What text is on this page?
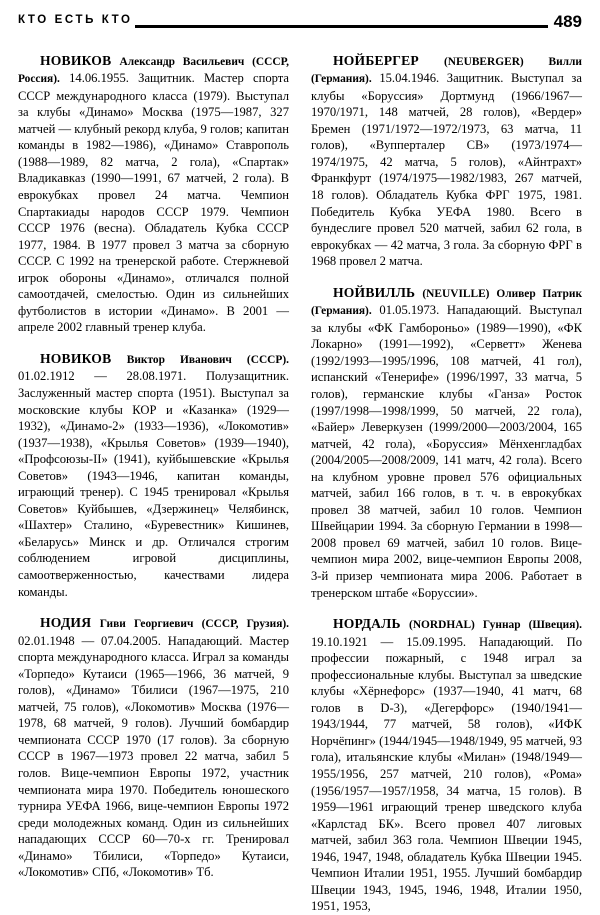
КТО ЕСТЬ КТО	489

НОВИКОВ Александр Васильевич (СССР, Россия). 14.06.1955. Защитник. Мастер спорта СССР международного класса (1979). Выступал за клубы «Динамо» Москва (1975—1987, 327 матчей — клубный рекорд клуба, 9 голов; капитан команды в 1982—1986), «Динамо» Ставрополь (1988—1989, 82 матча, 2 гола), «Спартак» Владикавказ (1990—1991, 67 матчей, 2 гола). В еврокубках провел 24 матча. Чемпион Спартакиады народов СССР 1979. Чемпион СССР 1976 (весна). Обладатель Кубка СССР 1977, 1984. В 1977 провел 3 матча за сборную СССР. С 1992 на тренерской работе. Стержневой игрок обороны «Динамо», отличался полной самоотдачей, смелостью. Один из сильнейших футболистов в истории «Динамо». В 2001 — апреле 2002 главный тренер клуба.

НОВИКОВ Виктор Иванович (СССР). 01.02.1912 — 28.08.1971. Полузащитник. Заслуженный мастер спорта (1951). Выступал за московские клубы КОР и «Казанка» (1929—1932), «Динамо-2» (1933—1936), «Локомотив» (1937—1938), «Крылья Советов» (1939—1940), «Профсоюзы-II» (1941), куйбышевские «Крылья Советов» (1943—1946, капитан команды, играющий тренер). С 1945 тренировал «Крылья Советов» Куйбышев, «Дзержинец» Челябинск, «Шахтер» Сталино, «Буревестник» Кишинев, «Беларусь» Минск и др. Отличался строгим соблюдением игровой дисциплины, самоотверженностью, качествами лидера команды.

НОДИЯ Гиви Георгиевич (СССР, Грузия). 02.01.1948 — 07.04.2005. Нападающий. Мастер спорта международного класса. Играл за команды «Торпедо» Кутаиси (1965—1966, 36 матчей, 9 голов), «Динамо» Тбилиси (1967—1975, 210 матчей, 75 голов), «Локомотив» Москва (1976—1978, 68 матчей, 9 голов). Лучший бомбардир чемпионата СССР 1970 (17 голов). За сборную СССР в 1967—1973 провел 22 матча, забил 5 голов. Вице-чемпион Европы 1972, участник чемпионата мира 1970. Победитель юношеского турнира УЕФА 1966, вице-чемпион Европы 1972 среди молодежных команд. Один из сильнейших нападающих СССР 60—70-х гг. Тренировал «Динамо» Тбилиси, «Торпедо» Кутаиси, «Локомотив» СПб, «Локомотив» Тб.

НОЙБЕРГЕР (NEUBERGER) Вилли (Германия). 15.04.1946. Защитник. Выступал за клубы «Боруссия» Дортмунд (1966/1967—1970/1971, 148 матчей, 28 голов), «Вердер» Бремен (1971/1972—1972/1973, 63 матча, 11 голов), «Вупперталер СВ» (1973/1974—1974/1975, 42 матча, 5 голов), «Айнтрахт» Франкфурт (1974/1975—1982/1983, 267 матчей, 18 голов). Обладатель Кубка ФРГ 1975, 1981. Победитель Кубка УЕФА 1980. Всего в бундеслиге провел 520 матчей, забил 62 гола, в еврокубках — 42 матча, 3 гола. За сборную ФРГ в 1968 провел 2 матча.

НОЙВИЛЛЬ (NEUVILLE) Оливер Патрик (Германия). 01.05.1973. Нападающий. Выступал за клубы «ФК Гамбороньо» (1989—1990), «ФК Локарно» (1991—1992), «Серветт» Женева (1992/1993—1995/1996, 108 матчей, 41 гол), испанский «Тенерифе» (1996/1997, 33 матча, 5 голов), германские клубы «Ганза» Росток (1997/1998—1998/1999, 50 матчей, 22 гола), «Байер» Леверкузен (1999/2000—2003/2004, 165 матчей, 42 гола), «Боруссия» Мёнхенгладбах (2004/2005—2008/2009, 141 матч, 42 гола). Всего на клубном уровне провел 576 официальных матчей, забил 166 голов, в т. ч. в еврокубках провел 38 матчей, забил 10 голов. Чемпион Швейцарии 1994. За сборную Германии в 1998—2008 провел 69 матчей, забил 10 голов. Вице-чемпион мира 2002, вице-чемпион Европы 2008, 3-й призер чемпионата мира 2006. Работает в тренерском штабе «Боруссии».

НОРДАЛЬ (NORDHAL) Гуннар (Швеция). 19.10.1921 — 15.09.1995. Нападающий. По профессии пожарный, с 1948 играл за профессиональные клубы. Выступал за шведские клубы «Хёрнефорс» (1937—1940, 41 матч, 68 голов в D-3), «Дегерфорс» (1940/1941—1943/1944, 77 матчей, 58 голов), «ИФК Норчёпинг» (1944/1945—1948/1949, 95 матчей, 93 гола), итальянские клубы «Милан» (1948/1949—1955/1956, 257 матчей, 210 голов), «Рома» (1956/1957—1957/1958, 34 матча, 15 голов). В 1959—1961 играющий тренер шведского клуба «Карлстад БК». Всего провел 407 лиговых матчей, забил 363 гола. Чемпион Швеции 1945, 1946, 1947, 1948, обладатель Кубка Швеции 1945. Чемпион Италии 1951, 1955. Лучший бомбардир Швеции 1943, 1945, 1946, 1948, Италии 1950, 1951, 1953,
